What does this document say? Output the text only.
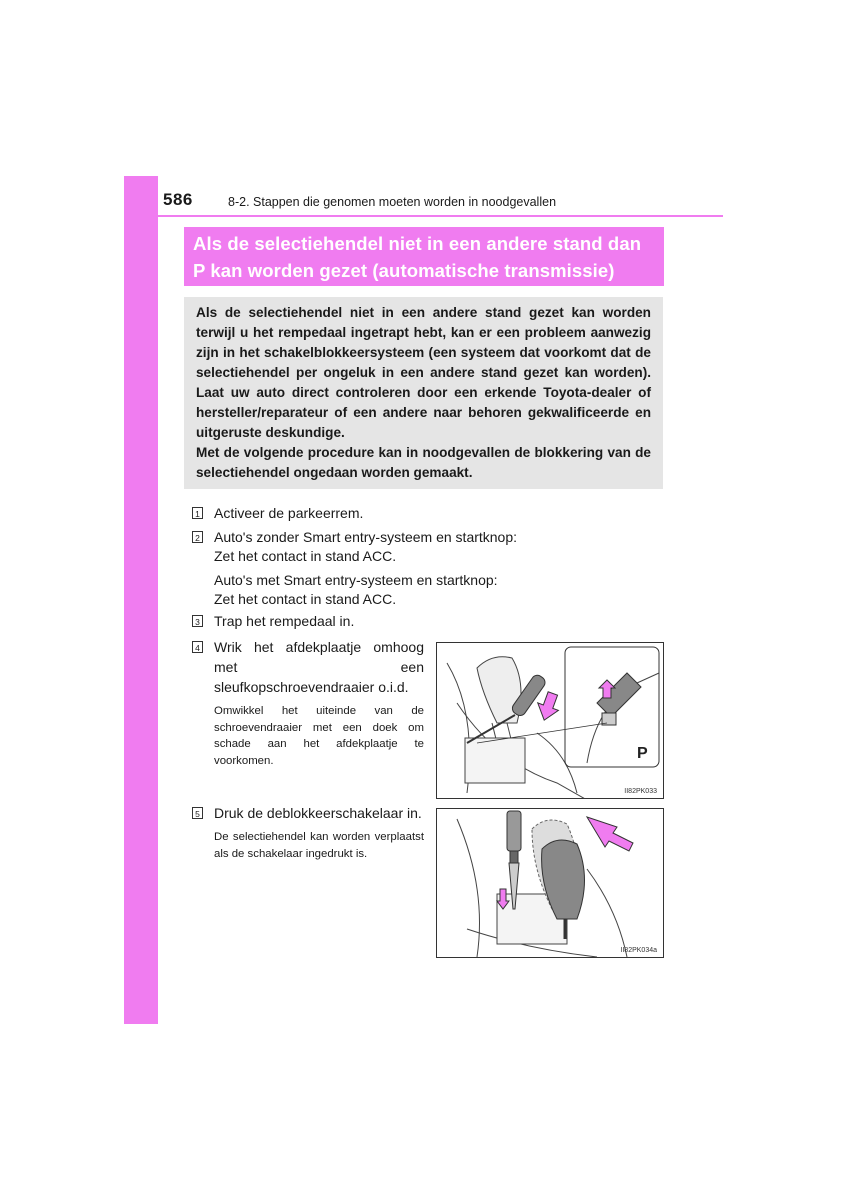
586	8-2. Stappen die genomen moeten worden in noodgevallen
Als de selectiehendel niet in een andere stand dan
P kan worden gezet (automatische transmissie)

Als de selectiehendel niet in een andere stand gezet kan worden terwijl u het rempedaal ingetrapt hebt, kan er een probleem aanwezig zijn in het schakelblokkeersysteem (een systeem dat voorkomt dat de selectiehendel per ongeluk in een andere stand gezet kan worden). Laat uw auto direct controleren door een erkende Toyota-dealer of hersteller/reparateur of een andere naar behoren gekwalificeerde en uitgeruste deskundige.

Met de volgende procedure kan in noodgevallen de blokkering van de selectiehendel ongedaan worden gemaakt.

1 Activeer de parkeerrem.
2 Auto's zonder Smart entry-systeem en startknop:
Zet het contact in stand ACC.
Auto's met Smart entry-systeem en startknop:
Zet het contact in stand ACC.
3 Trap het rempedaal in.
4 Wrik het afdekplaatje omhoog met een sleufkopschroevendraaier o.i.d.
Omwikkel het uiteinde van de schroevendraaier met een doek om schade aan het afdekplaatje te voorkomen.	P
II82PK033
5 Druk de deblokkeerschakelaar in.
De selectiehendel kan worden verplaatst als de schakelaar ingedrukt is.
II82PK034a
